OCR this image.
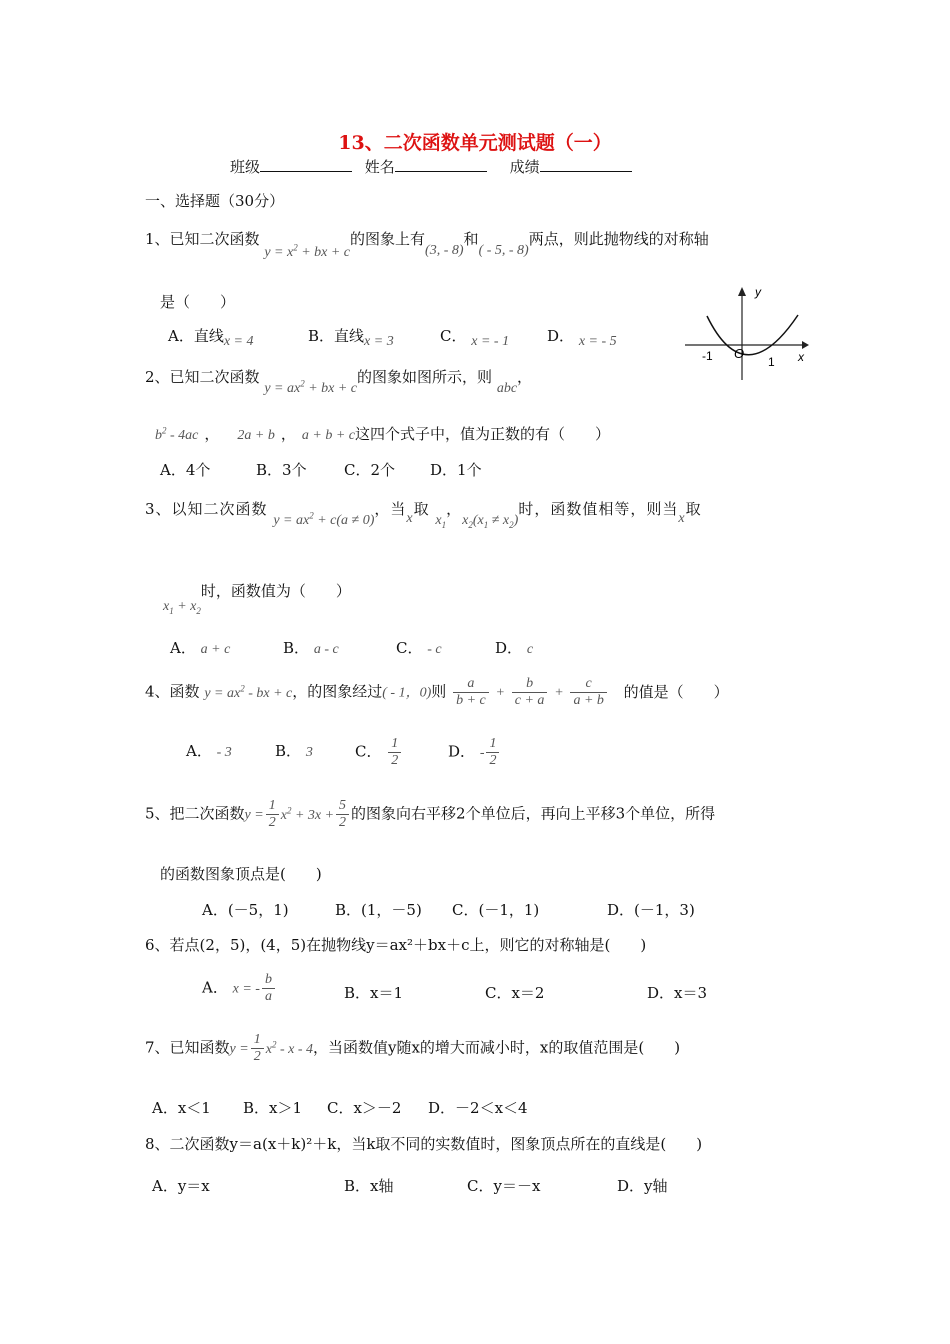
13、二次函数单元测试题（一）
班级	姓名	成绩
一、选择题（30分）
1、已知二次函数 $y = x^2$ + bx + c的图象上有(3, - 8)和( - 5, - 8)两点，则此抛物线的对称轴
是（　　）
A．直线x = 4	B．直线x = 3	C． x = - 1	D． x = - 5
y
x
O
-1	1
2、已知二次函数 $y = ax^2$ + bx + c的图象如图所示，则 abc，
$b^2 - 4ac$ ， 2a + b ， a + b + c这四个式子中，值为正数的有（　　）
A．4个	B．3个 C．2个 D．1个
3、以知二次函数 $y = ax^2 + c(a \ne 0)$，当x取 $x_1$，$x_2(x_1 \ne x_2)$时，函数值相等，则当x取
$x_1 + x_2$时，函数值为（　　）
A． a + c	B． a - c	C． - c	D． c
4、函数 $y = ax^2$ - bx + c，的图象经过( - 1，0)则 $\frac{a}{b + c} + \frac{b}{c + a} + \frac{c}{a + b}$ 的值是（　　）
A． - 3	B． 3	C． $\frac{1}{2}$	D． - $\frac{1}{2}$
5、把二次函数$y = \frac{1}{2} x^2 + 3x + \frac{5}{2}$ 的图象向右平移2个单位后，再向上平移3个单位，所得
的函数图象顶点是(　　)
A．(－5，1)	B．(1，－5) C．(－1，1)	D．(－1，3)
6、若点(2，5)，(4，5)在抛物线y＝ax²＋bx＋c上，则它的对称轴是(　　)
A． x = - $\frac{b}{a}$	B．x＝1	C．x＝2	D．x＝3
7、已知函数$y = \frac{1}{2} x^2 - x - 4$，当函数值y随x的增大而减小时，x的取值范围是(　　)
A．x＜1 B．x＞1 C．x＞－2 D．－2＜x＜4
8、二次函数y＝a(x＋k)²＋k，当k取不同的实数值时，图象顶点所在的直线是(　　)
A．y＝x	B．x轴	C．y＝－x	D．y轴
